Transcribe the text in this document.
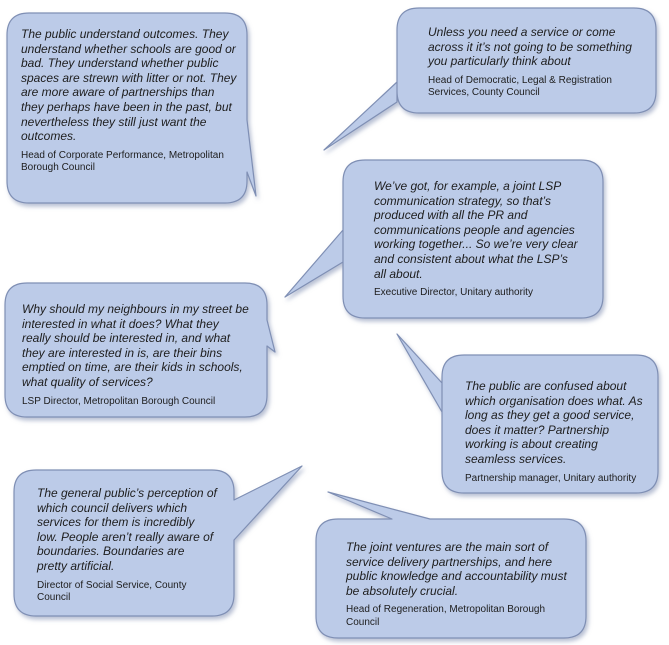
The public understand outcomes. They understand whether schools are good or bad. They understand whether public spaces are strewn with litter or not. They are more aware of partnerships than they perhaps have been in the past, but nevertheless they still just want the outcomes.

Head of Corporate Performance, Metropolitan Borough Council

Unless you need a service or come across it it’s not going to be something you particularly think about

Head of Democratic, Legal & Registration Services, County Council

We’ve got, for example, a joint LSP communication strategy, so that’s produced with all the PR and communications people and agencies working together... So we’re very clear and consistent about what the LSP’s all about.

Executive Director, Unitary authority

Why should my neighbours in my street be interested in what it does? What they really should be interested in, and what they are interested in is, are their bins emptied on time, are their kids in schools, what quality of services?

LSP Director, Metropolitan Borough Council

The public are confused about which organisation does what. As long as they get a good service, does it matter? Partnership working is about creating seamless services.

Partnership manager, Unitary authority

The general public’s perception of which council delivers which services for them is incredibly low. People aren’t really aware of boundaries. Boundaries are pretty artificial.

Director of Social Service, County Council

The joint ventures are the main sort of service delivery partnerships, and here public knowledge and accountability must be absolutely crucial.

Head of Regeneration, Metropolitan Borough Council
